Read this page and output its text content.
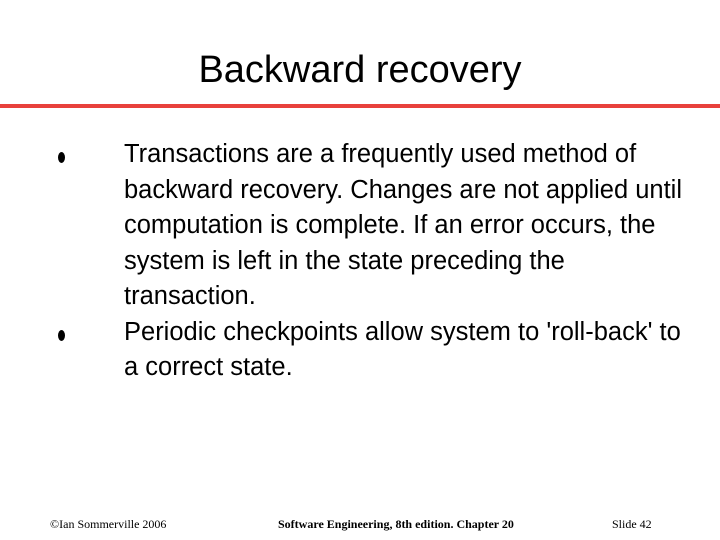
Backward recovery
Transactions are a frequently used method of backward recovery. Changes are not applied until computation is complete. If an error occurs, the system is left in the state preceding the transaction.
Periodic checkpoints allow system to 'roll-back' to a correct state.
©Ian Sommerville 2006	Software Engineering, 8th edition. Chapter 20	Slide 42
